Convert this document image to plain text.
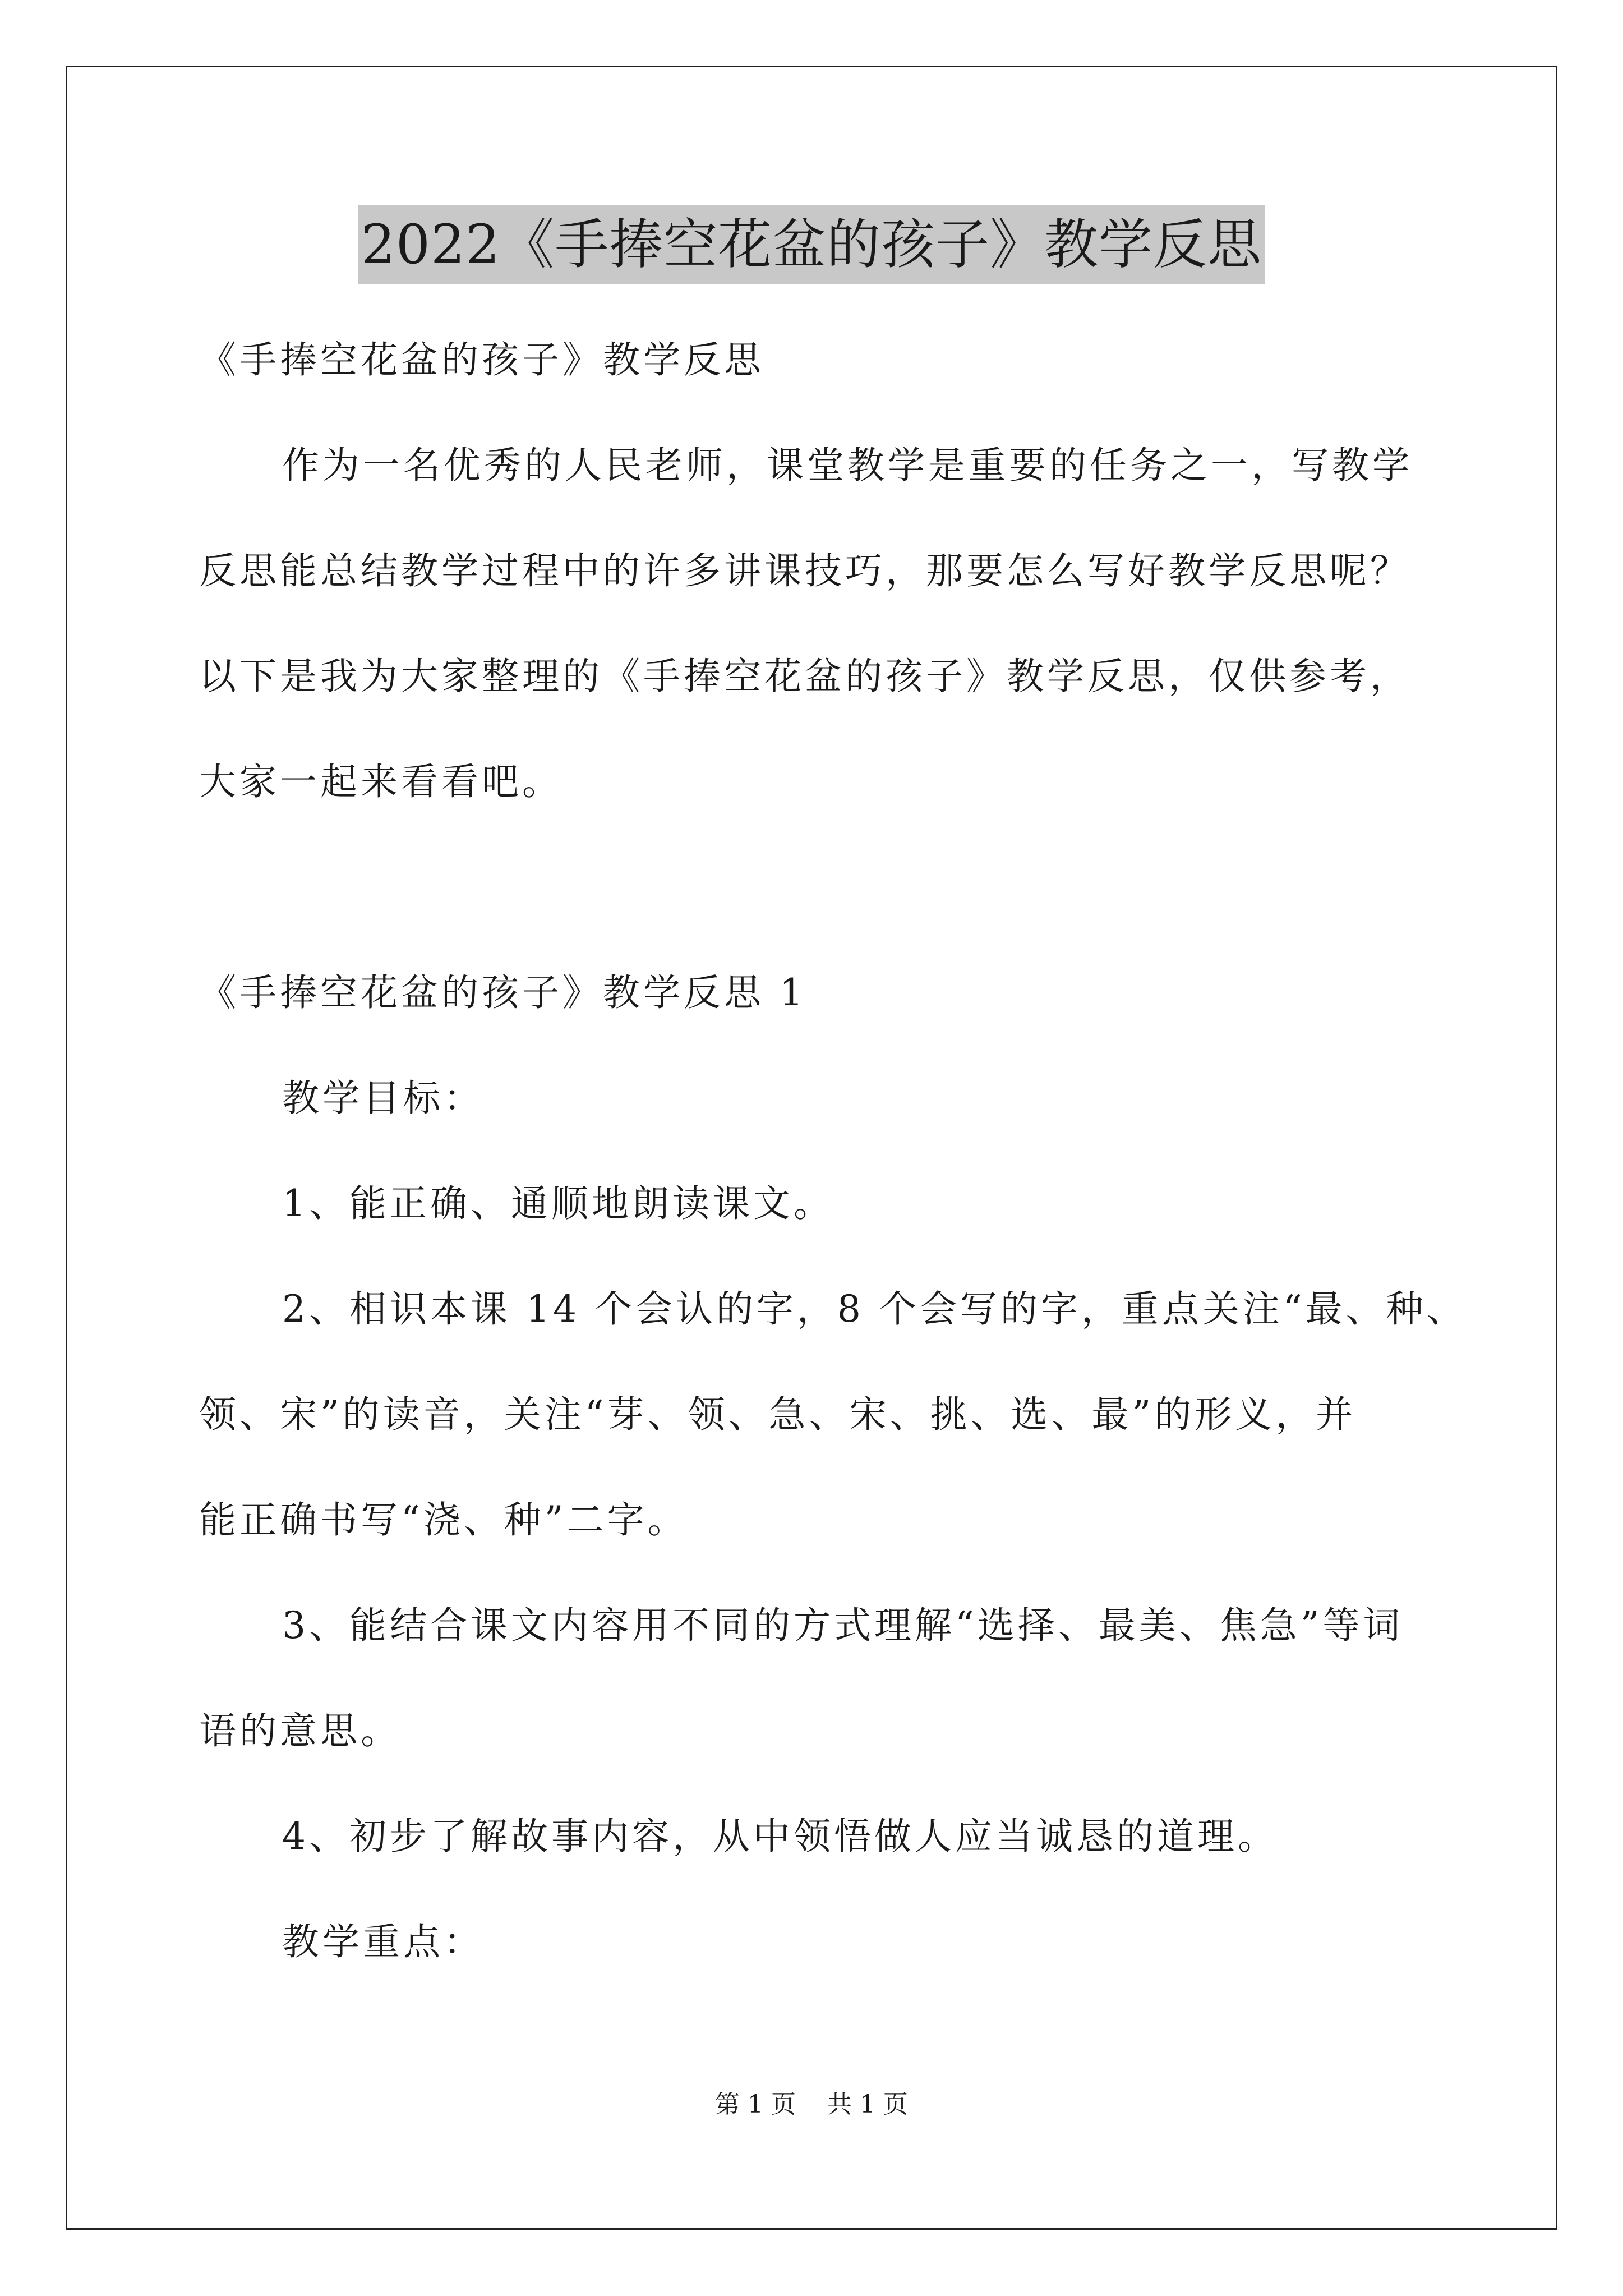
2022《手捧空花盆的孩子》教学反思
《手捧空花盆的孩子》教学反思
作为一名优秀的人民老师，课堂教学是重要的任务之一，写教学
反思能总结教学过程中的许多讲课技巧，那要怎么写好教学反思呢？
以下是我为大家整理的《手捧空花盆的孩子》教学反思，仅供参考，
大家一起来看看吧。
《手捧空花盆的孩子》教学反思 1
教学目标：
1、能正确、通顺地朗读课文。
2、相识本课 14 个会认的字，8 个会写的字，重点关注“最、种、
领、宋”的读音，关注“芽、领、急、宋、挑、选、最”的形义，并
能正确书写“浇、种”二字。
3、能结合课文内容用不同的方式理解“选择、最美、焦急”等词
语的意思。
4、初步了解故事内容，从中领悟做人应当诚恳的道理。
教学重点：
第 1 页    共 1 页
